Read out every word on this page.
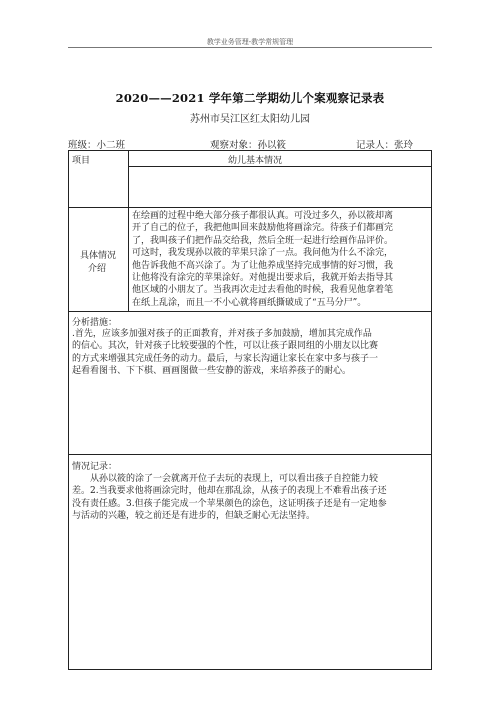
教学业务管理-教学常规管理
2020——2021 学年第二学期幼儿个案观察记录表
苏州市吴江区红太阳幼儿园
班级：小二班	观察对象：孙以筱	记录人：张玲
项目	幼儿基本情况
具体情况
介绍
在绘画的过程中绝大部分孩子都很认真。可没过多久，孙以筱却离
开了自己的位子，我把他叫回来鼓励他将画涂完。待孩子们都画完
了，我叫孩子们把作品交给我，然后全班一起进行绘画作品评价。
可这时，我发现孙以筱的苹果只涂了一点。我问他为什么不涂完，
他告诉我他不高兴涂了。为了让他养成坚持完成事情的好习惯，我
让他将没有涂完的苹果涂好。对他提出要求后，我就开始去指导其
他区域的小朋友了。当我再次走过去看他的时候，我看见他拿着笔
在纸上乱涂，而且一不小心就将画纸撕破成了“五马分尸”。
分析措施：
.首先，应该多加强对孩子的正面教育，并对孩子多加鼓励，增加其完成作品
的信心。其次，针对孩子比较要强的个性，可以让孩子跟同组的小朋友以比赛
的方式来增强其完成任务的动力。最后，与家长沟通让家长在家中多与孩子一
起看看图书、下下棋、画画图做一些安静的游戏，来培养孩子的耐心。
情况记录：
从孙以筱的涂了一会就离开位子去玩的表现上，可以看出孩子自控能力较
差。2.当我要求他将画涂完时，他却在那乱涂，从孩子的表现上不难看出孩子还
没有责任感。3.但孩子能完成一个苹果颜色的涂色，这证明孩子还是有一定地参
与活动的兴趣，较之前还是有进步的，但缺乏耐心无法坚持。
